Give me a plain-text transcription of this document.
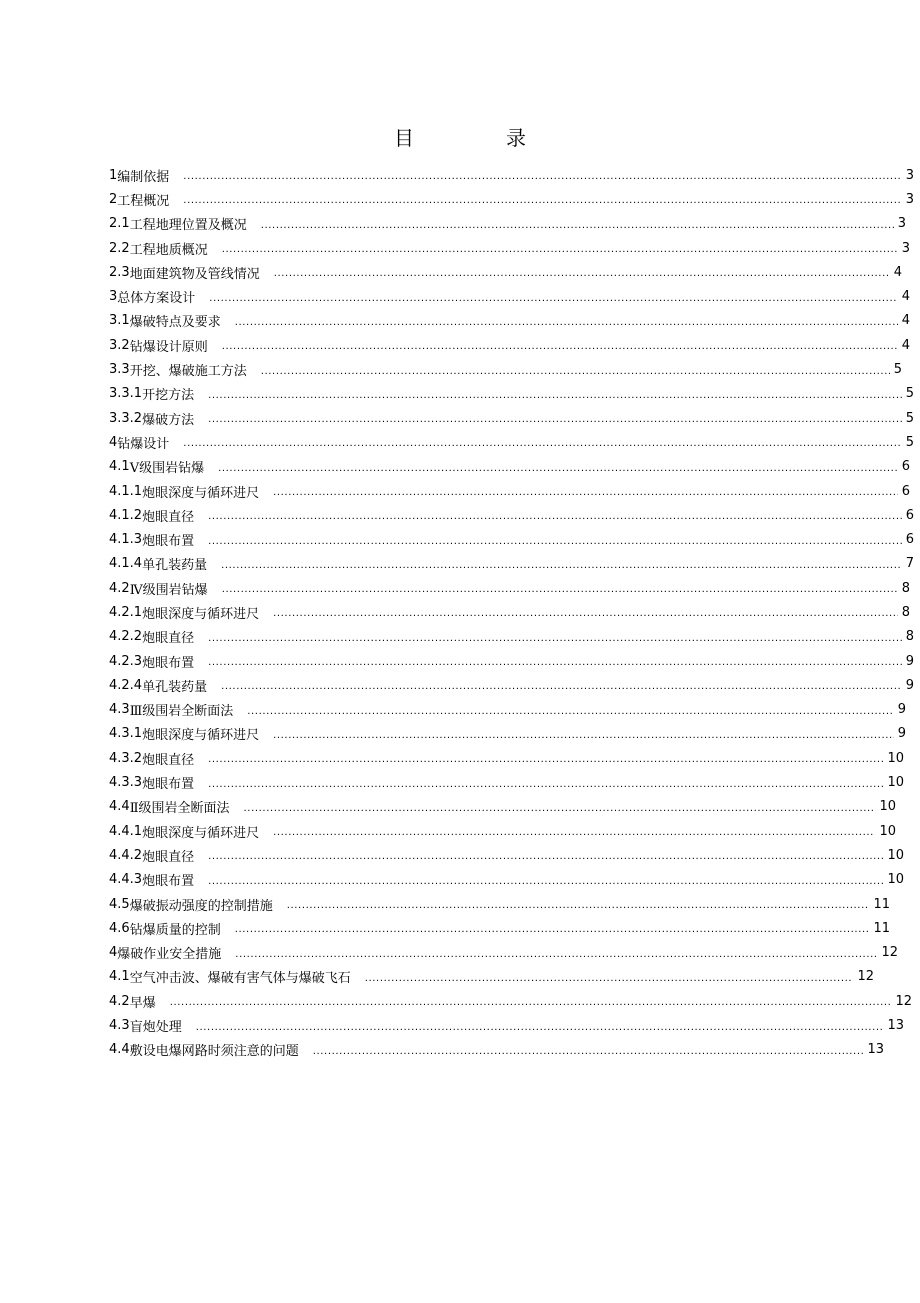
目　录
1 编制依据 .....	3
2 工程概况 .....	3
2.1 工程地理位置及概况 .....	3
2.2 工程地质概况 .....	3
2.3 地面建筑物及管线情况 .....	4
3 总体方案设计 .....	4
3.1 爆破特点及要求 .....	4
3.2 钻爆设计原则 .....	4
3.3 开挖、爆破施工方法 .....	5
3.3.1 开挖方法 .....	5
3.3.2 爆破方法 .....	5
4 钻爆设计 .....	5
4.1 Ⅴ级围岩钻爆 .....	6
4.1.1 炮眼深度与循环进尺 .....	6
4.1.2 炮眼直径 .....	6
4.1.3 炮眼布置 .....	6
4.1.4 单孔装药量 .....	7
4.2 Ⅳ级围岩钻爆 .....	8
4.2.1 炮眼深度与循环进尺 .....	8
4.2.2 炮眼直径 .....	8
4.2.3 炮眼布置 .....	9
4.2.4 单孔装药量 .....	9
4.3 Ⅲ级围岩全断面法 .....	9
4.3.1 炮眼深度与循环进尺 .....	9
4.3.2 炮眼直径 .....	10
4.3.3 炮眼布置 .....	10
4.4 Ⅱ级围岩全断面法 .....	10
4.4.1 炮眼深度与循环进尺 .....	10
4.4.2 炮眼直径 .....	10
4.4.3 炮眼布置 .....	10
4.5 爆破振动强度的控制措施 .....	11
4.6 钻爆质量的控制 .....	11
4 爆破作业安全措施 .....	12
4.1 空气冲击波、爆破有害气体与爆破飞石 .....	12
4.2 早爆 .....	12
4.3 盲炮处理 .....	13
4.4 敷设电爆网路时须注意的问题 .....	13
